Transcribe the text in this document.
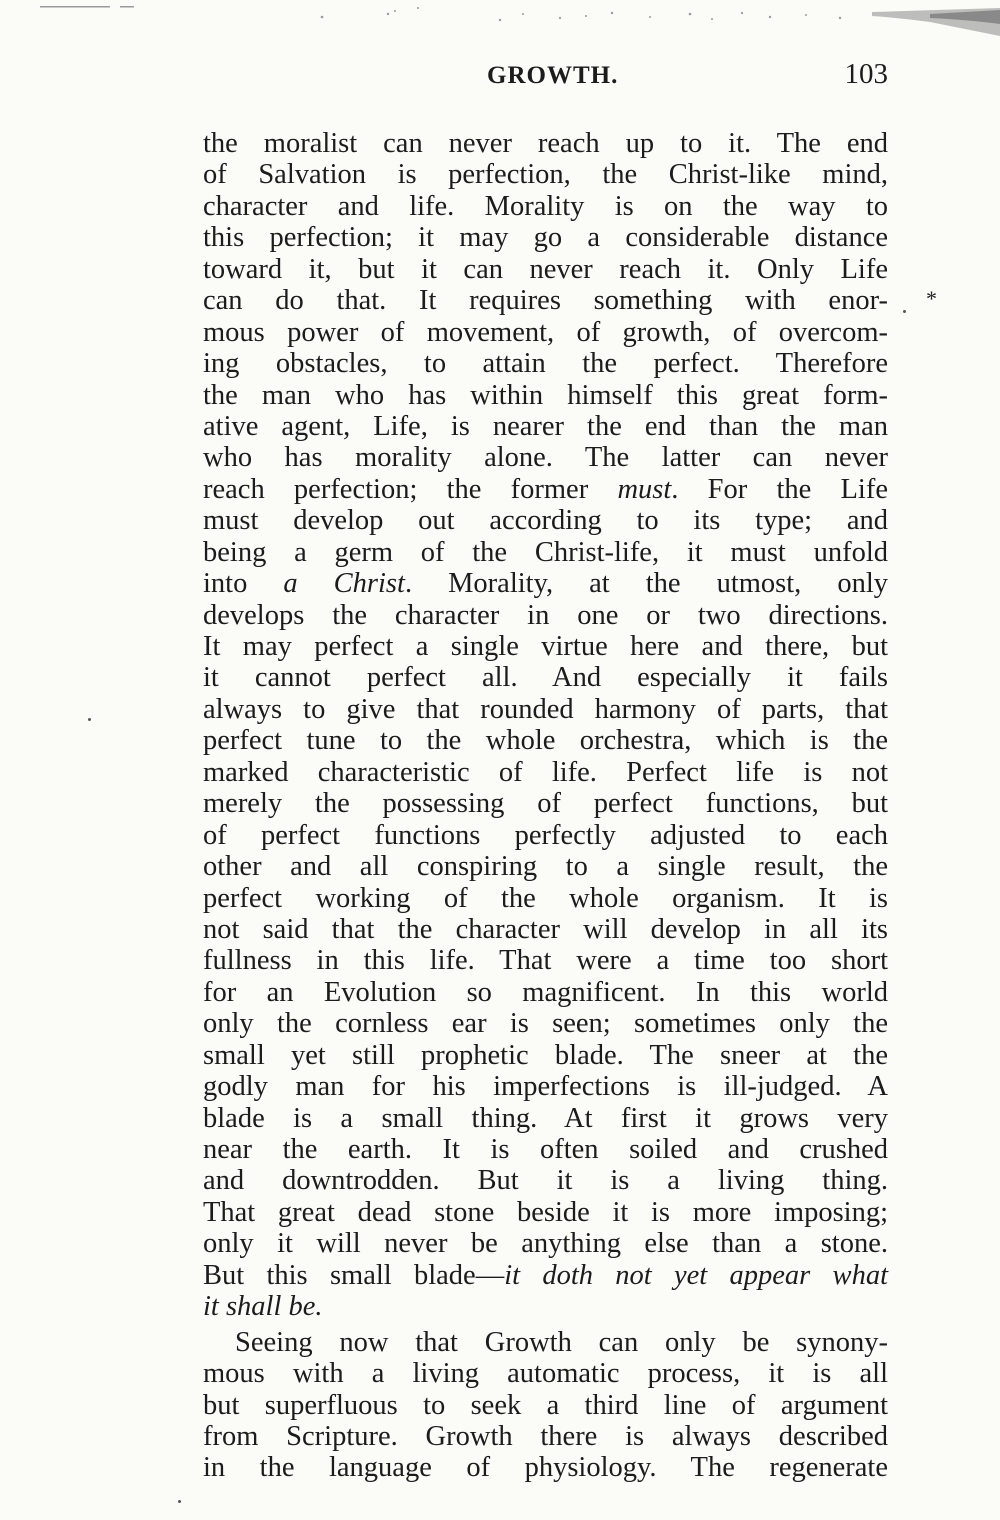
GROWTH.	103
*
the moralist can never reach up to it. The end
of Salvation is perfection, the Christ-like mind,
character and life. Morality is on the way to
this perfection; it may go a considerable distance
toward it, but it can never reach it. Only Life
can do that. It requires something with enor-
mous power of movement, of growth, of overcom-
ing obstacles, to attain the perfect. Therefore
the man who has within himself this great form-
ative agent, Life, is nearer the end than the man
who has morality alone. The latter can never
reach perfection; the former must. For the Life
must develop out according to its type; and
being a germ of the Christ-life, it must unfold
into a Christ. Morality, at the utmost, only
develops the character in one or two directions.
It may perfect a single virtue here and there, but
it cannot perfect all. And especially it fails
always to give that rounded harmony of parts, that
perfect tune to the whole orchestra, which is the
marked characteristic of life. Perfect life is not
merely the possessing of perfect functions, but
of perfect functions perfectly adjusted to each
other and all conspiring to a single result, the
perfect working of the whole organism. It is
not said that the character will develop in all its
fullness in this life. That were a time too short
for an Evolution so magnificent. In this world
only the cornless ear is seen; sometimes only the
small yet still prophetic blade. The sneer at the
godly man for his imperfections is ill-judged. A
blade is a small thing. At first it grows very
near the earth. It is often soiled and crushed
and downtrodden. But it is a living thing.
That great dead stone beside it is more imposing;
only it will never be anything else than a stone.
But this small blade—it doth not yet appear what
it shall be.
Seeing now that Growth can only be synony-
mous with a living automatic process, it is all
but superfluous to seek a third line of argument
from Scripture. Growth there is always described
in the language of physiology. The regenerate
